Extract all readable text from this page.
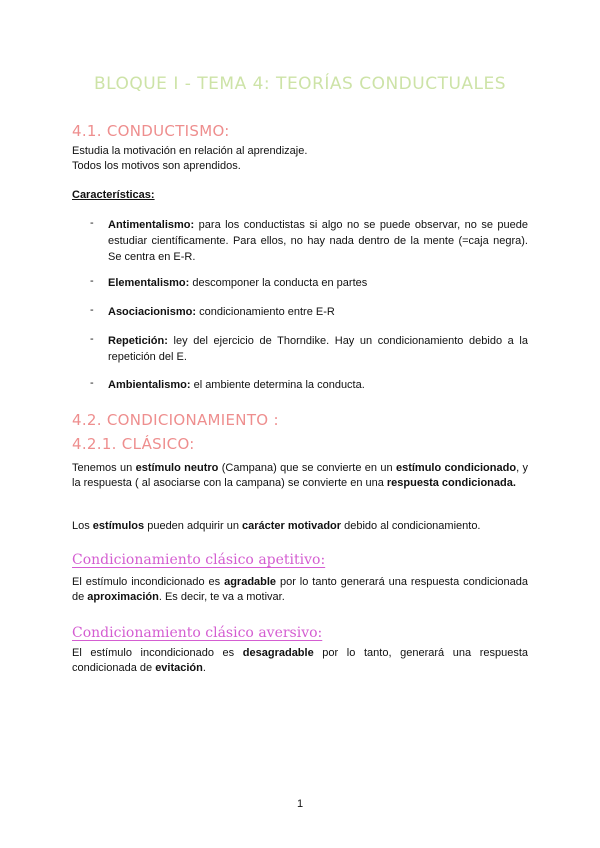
BLOQUE I - TEMA 4: TEORÍAS CONDUCTUALES
4.1. CONDUCTISMO:
Estudia la motivación en relación al aprendizaje.
Todos los motivos son aprendidos.
Características:
- Antimentalismo: para los conductistas si algo no se puede observar, no se puede estudiar científicamente. Para ellos, no hay nada dentro de la mente (=caja negra). Se centra en E-R.
- Elementalismo: descomponer la conducta en partes
- Asociacionismo: condicionamiento entre E-R
- Repetición: ley del ejercicio de Thorndike. Hay un condicionamiento debido a la repetición del E.
- Ambientalismo: el ambiente determina la conducta.
4.2. CONDICIONAMIENTO :
4.2.1. CLÁSICO:
Tenemos un estímulo neutro (Campana) que se convierte en un estímulo condicionado, y la respuesta ( al asociarse con la campana) se convierte en una respuesta condicionada.
Los estímulos pueden adquirir un carácter motivador debido al condicionamiento.
Condicionamiento clásico apetitivo:
El estímulo incondicionado es agradable por lo tanto generará una respuesta condicionada de aproximación. Es decir, te va a motivar.
Condicionamiento clásico aversivo:
El estímulo incondicionado es desagradable por lo tanto, generará una respuesta condicionada de evitación.
1
